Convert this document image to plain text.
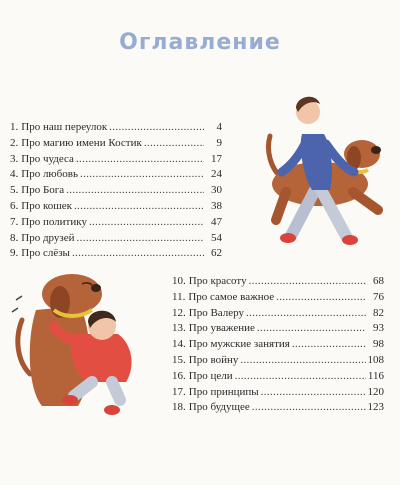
Оглавление
1. Про наш переулок . . .	4
2. Про магию имени Костик . . .	9
3. Про чудеса . . .	17
4. Про любовь . . .	24
5. Про Бога . . .	30
6. Про кошек . . .	38
7. Про политику . . .	47
8. Про друзей . . .	54
9. Про слёзы . . .	62
10. Про красоту . . .	68
11. Про самое важное . . .	76
12. Про Валеру . . .	82
13. Про уважение . . .	93
14. Про мужские занятия . . .	98
15. Про войну . . .	108
16. Про цели . . .	116
17. Про принципы . . .	120
18. Про будущее . . .	123
